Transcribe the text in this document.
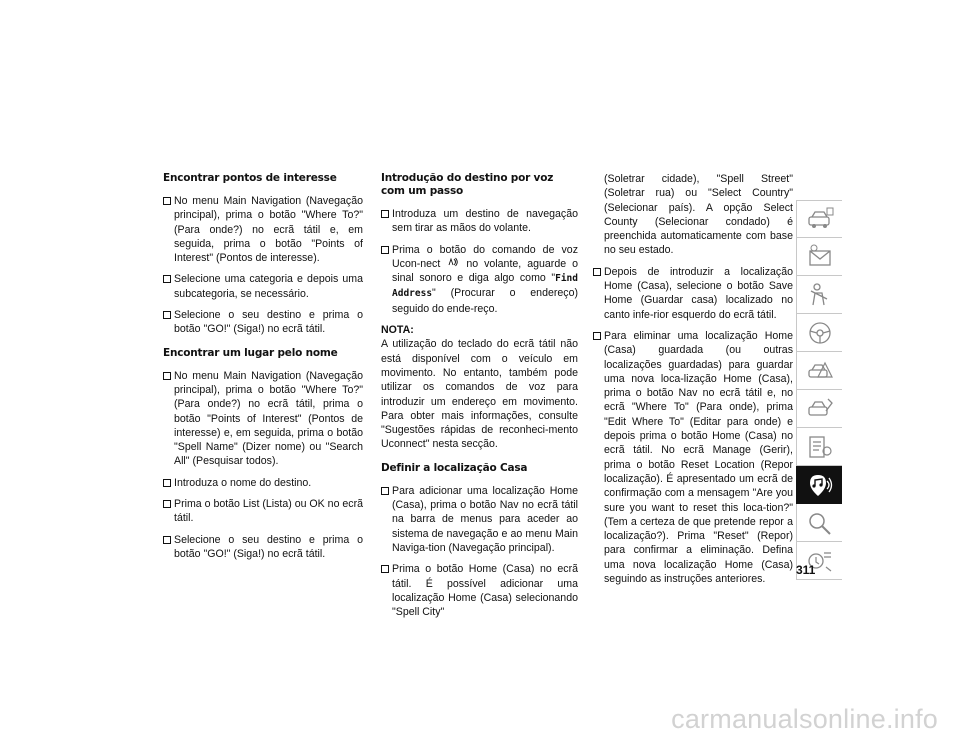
Encontrar pontos de interesse
No menu Main Navigation (Navegação principal), prima o botão "Where To?" (Para onde?) no ecrã tátil e, em seguida, prima o botão "Points of Interest" (Pontos de interesse).
Selecione uma categoria e depois uma subcategoria, se necessário.
Selecione o seu destino e prima o botão "GO!" (Siga!) no ecrã tátil.
Encontrar um lugar pelo nome
No menu Main Navigation (Navegação principal), prima o botão "Where To?" (Para onde?) no ecrã tátil, prima o botão "Points of Interest" (Pontos de interesse) e, em seguida, prima o botão "Spell Name" (Dizer nome) ou "Search All" (Pesquisar todos).
Introduza o nome do destino.
Prima o botão List (Lista) ou OK no ecrã tátil.
Selecione o seu destino e prima o botão "GO!" (Siga!) no ecrã tátil.
Introdução do destino por voz com um passo
Introduza um destino de navegação sem tirar as mãos do volante.
Prima o botão do comando de voz Ucon-nect no volante, aguarde o sinal sonoro e diga algo como "Find Address" (Procurar o endereço) seguido do ende-reço.
NOTA:

A utilização do teclado do ecrã tátil não está disponível com o veículo em movimento. No entanto, também pode utilizar os comandos de voz para introduzir um endereço em movimento. Para obter mais informações, consulte "Sugestões rápidas de reconheci-mento Uconnect" nesta secção.

Definir a localização Casa
Para adicionar uma localização Home (Casa), prima o botão Nav no ecrã tátil na barra de menus para aceder ao sistema de navegação e ao menu Main Naviga-tion (Navegação principal).
Prima o botão Home (Casa) no ecrã tátil. É possível adicionar uma localização Home (Casa) selecionando "Spell City"

(Soletrar cidade), "Spell Street" (Soletrar rua) ou "Select Country" (Selecionar país). A opção Select County (Selecionar condado) é preenchida automaticamente com base no seu estado.

Depois de introduzir a localização Home (Casa), selecione o botão Save Home (Guardar casa) localizado no canto infe-rior esquerdo do ecrã tátil.
Para eliminar uma localização Home (Casa) guardada (ou outras localizações guardadas) para guardar uma nova loca-lização Home (Casa), prima o botão Nav no ecrã tátil e, no ecrã "Where To" (Para onde), prima "Edit Where To" (Editar para onde) e depois prima o botão Home (Casa) no ecrã tátil. No ecrã Manage (Gerir), prima o botão Reset Location (Repor localização). É apresentado um ecrã de confirmação com a mensagem "Are you sure you want to reset this loca-tion?" (Tem a certeza de que pretende repor a localização?). Prima "Reset" (Repor) para confirmar a eliminação. Defina uma nova localização Home (Casa) seguindo as instruções anteriores.
311
carmanualsonline.info
